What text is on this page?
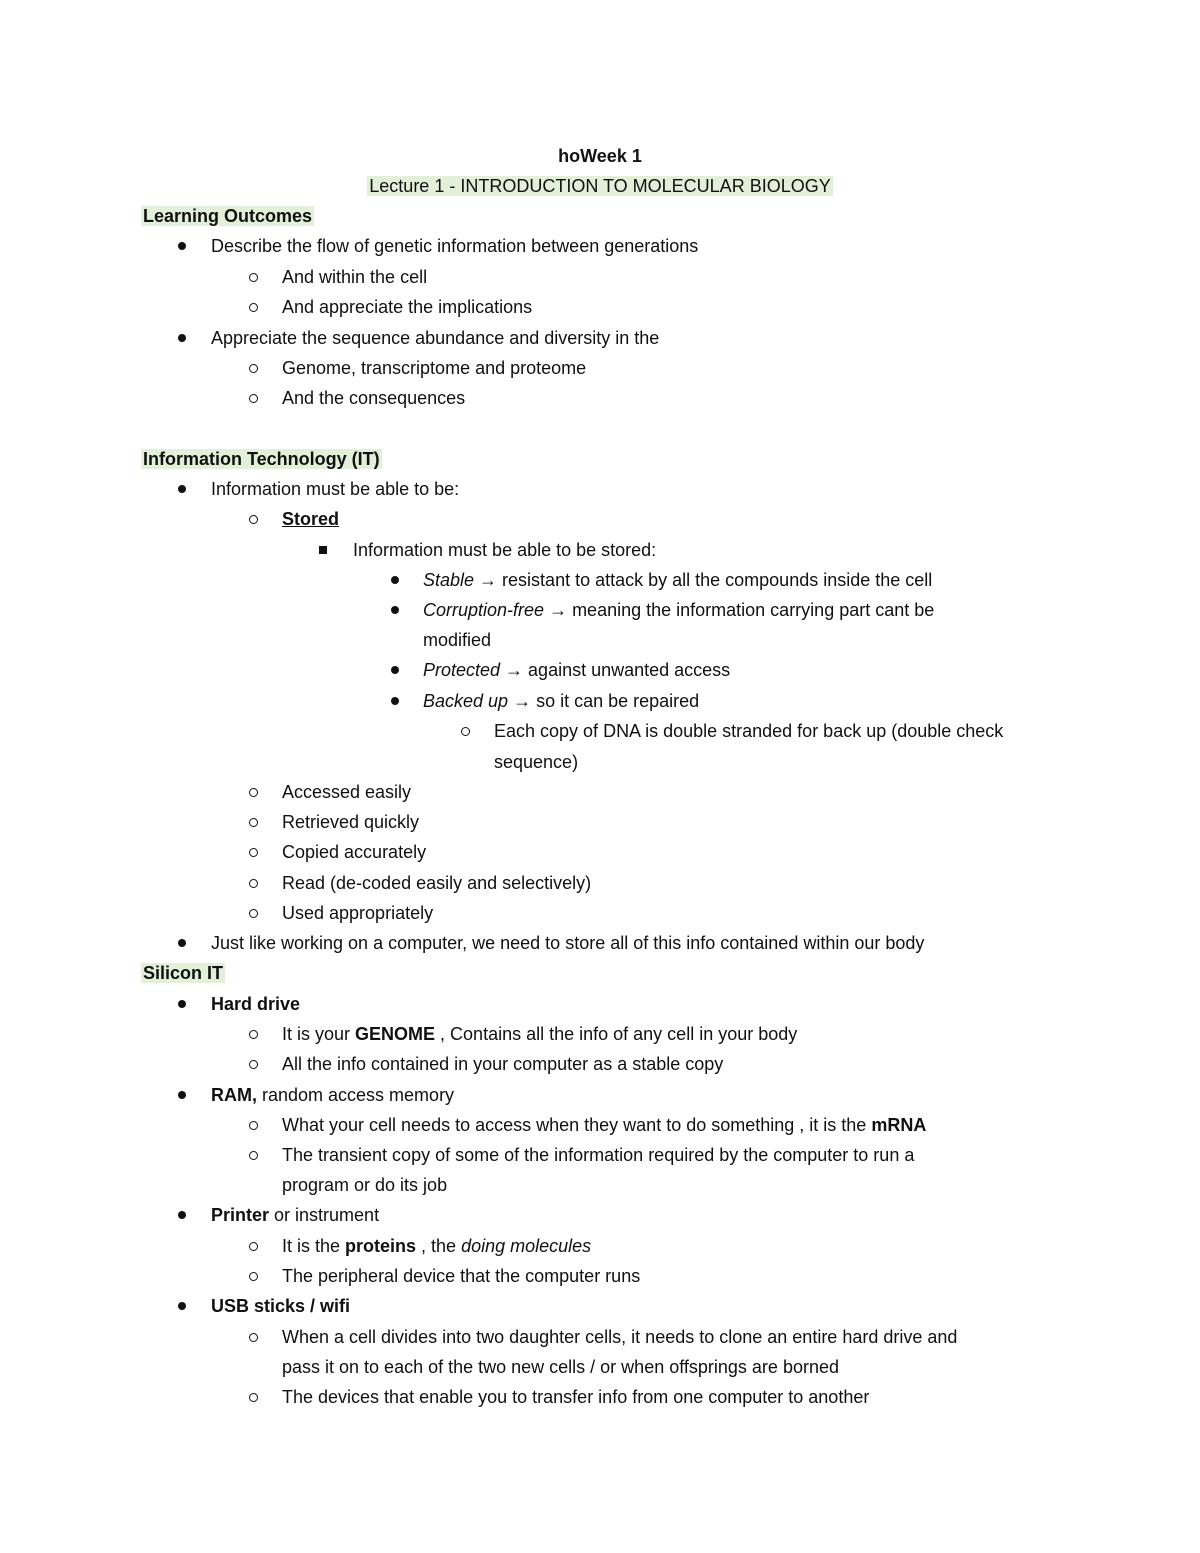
hoWeek 1
Lecture 1 - INTRODUCTION TO MOLECULAR BIOLOGY
Learning Outcomes
Describe the flow of genetic information between generations
And within the cell
And appreciate the implications
Appreciate the sequence abundance and diversity in the
Genome, transcriptome and proteome
And the consequences
Information Technology (IT)
Information must be able to be:
Stored
Information must be able to be stored:
Stable → resistant to attack by all the compounds inside the cell
Corruption-free → meaning the information carrying part cant be
modified
Protected → against unwanted access
Backed up → so it can be repaired
Each copy of DNA is double stranded for back up (double check
sequence)
Accessed easily
Retrieved quickly
Copied accurately
Read (de-coded easily and selectively)
Used appropriately
Just like working on a computer, we need to store all of this info contained within our body
Silicon IT
Hard drive
It is your GENOME , Contains all the info of any cell in your body
All the info contained in your computer as a stable copy
RAM, random access memory
What your cell needs to access when they want to do something , it is the mRNA
The transient copy of some of the information required by the computer to run a
program or do its job
Printer or instrument
It is the proteins , the doing molecules
The peripheral device that the computer runs
USB sticks / wifi
When a cell divides into two daughter cells, it needs to clone an entire hard drive and
pass it on to each of the two new cells / or when offsprings are borned
The devices that enable you to transfer info from one computer to another
